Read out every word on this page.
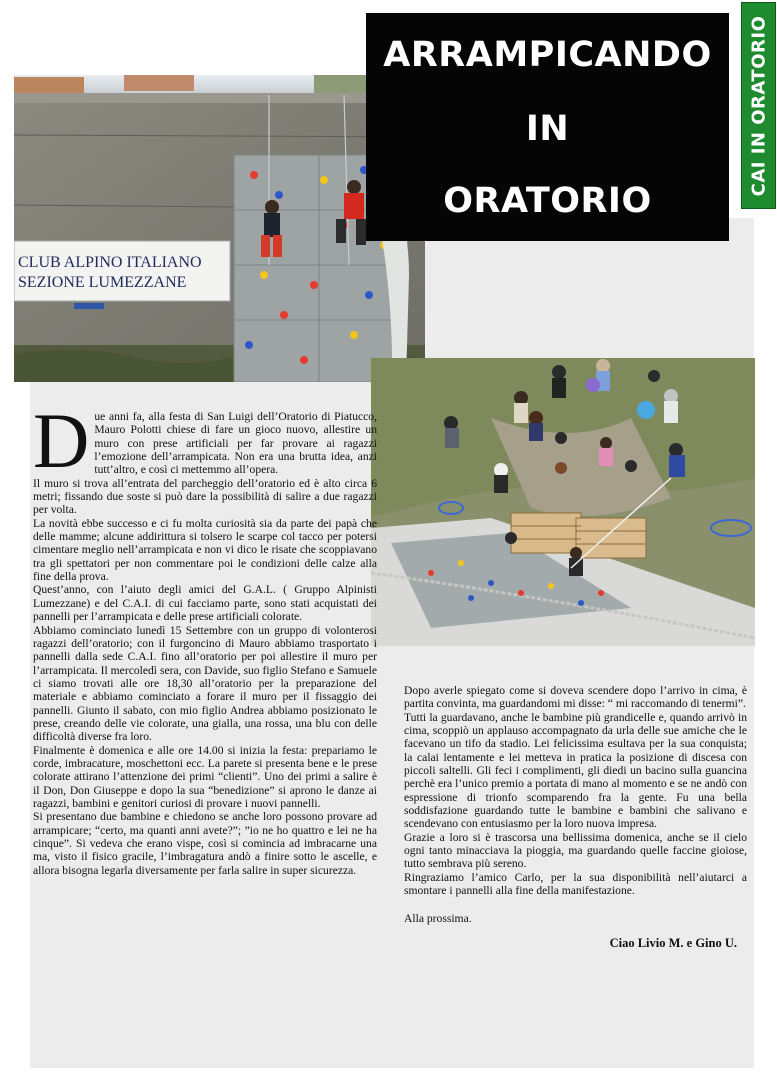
CLUB ALPINO ITALIANO
SEZIONE LUMEZZANE
ARRAMPICANDO
IN
ORATORIO
CAI IN ORATORIO

Due anni fa, alla festa di San Luigi dell’Oratorio di Piatucco, Mauro Polotti chiese di fare un gioco nuovo, allestire un muro con prese artificiali per far provare ai ragazzi l’emozione dell’arrampicata. Non era una brutta idea, anzi tutt’altro, e così ci mettemmo all’opera.

Il muro si trova all’entrata del parcheggio dell’oratorio ed è alto circa 6 metri; fissando due soste si può dare la possibilità di salire a due ragazzi per volta.

La novità ebbe successo e ci fu molta curiosità sia da parte dei papà che delle mamme; alcune addirittura si tolsero le scarpe col tacco per potersi cimentare meglio nell’arrampicata e non vi dico le risate che scoppiavano tra gli spettatori per non commentare poi le condizioni delle calze alla fine della prova.

Quest’anno, con l’aiuto degli amici del G.A.L. ( Gruppo Alpinisti Lumezzane) e del C.A.I. di cui facciamo parte, sono stati acquistati dei pannelli per l’arrampicata e delle prese artificiali colorate.

Abbiamo cominciato lunedì 15 Settembre con un gruppo di volonterosi ragazzi dell’oratorio; con il furgoncino di Mauro abbiamo trasportato i pannelli dalla sede C.A.I. fino all’oratorio per poi allestire il muro per l’arrampicata. Il mercoledì sera, con Davide, suo figlio Stefano e Samuele ci siamo trovati alle ore 18,30 all’oratorio per la preparazione del materiale e abbiamo cominciato a forare il muro per il fissaggio dei pannelli. Giunto il sabato, con mio figlio Andrea abbiamo posizionato le prese, creando delle vie colorate, una gialla, una rossa, una blu con delle difficoltà diverse fra loro.

Finalmente è domenica e alle ore 14.00 si inizia la festa: prepariamo le corde, imbracature, moschettoni ecc. La parete si presenta bene e le prese colorate attirano l’attenzione dei primi “clienti”. Uno dei primi a salire è il Don, Don Giuseppe e dopo la sua “benedizione” si aprono le danze ai ragazzi, bambini e genitori curiosi di provare i nuovi pannelli.

Si presentano due bambine e chiedono se anche loro possono provare ad arrampicare; “certo, ma quanti anni avete?”; ”io ne ho quattro e lei ne ha cinque”. Si vedeva che erano vispe, così si comincia ad imbracarne una ma, visto il fisico gracile, l’imbragatura andò a finire sotto le ascelle, e allora bisogna legarla diversamente per farla salire in super sicurezza.

Dopo averle spiegato come si doveva scendere dopo l’arrivo in cima, è partita convinta, ma guardandomi mi disse: “ mi raccomando di tenermi”.

Tutti la guardavano, anche le bambine più grandicelle e, quando arrivò in cima, scoppiò un applauso accompagnato da urla delle sue amiche che le facevano un tifo da stadio. Lei felicissima esultava per la sua conquista; la calai lentamente e lei metteva in pratica la posizione di discesa con piccoli saltelli. Gli feci i complimenti, gli diedi un bacino sulla guancina perchè era l’unico premio a portata di mano al momento e se ne andò con espressione di trionfo scomparendo fra la gente. Fu una bella soddisfazione guardando tutte le bambine e bambini che salivano e scendevano con entusiasmo per la loro nuova impresa.

Grazie a loro si è trascorsa una bellissima domenica, anche se il cielo ogni tanto minacciava la pioggia, ma guardando quelle faccine gioiose, tutto sembrava più sereno.

Ringraziamo l’amico Carlo, per la sua disponibilità nell’aiutarci a smontare i pannelli alla fine della manifestazione.

Alla prossima.

Ciao Livio M. e Gino U.
